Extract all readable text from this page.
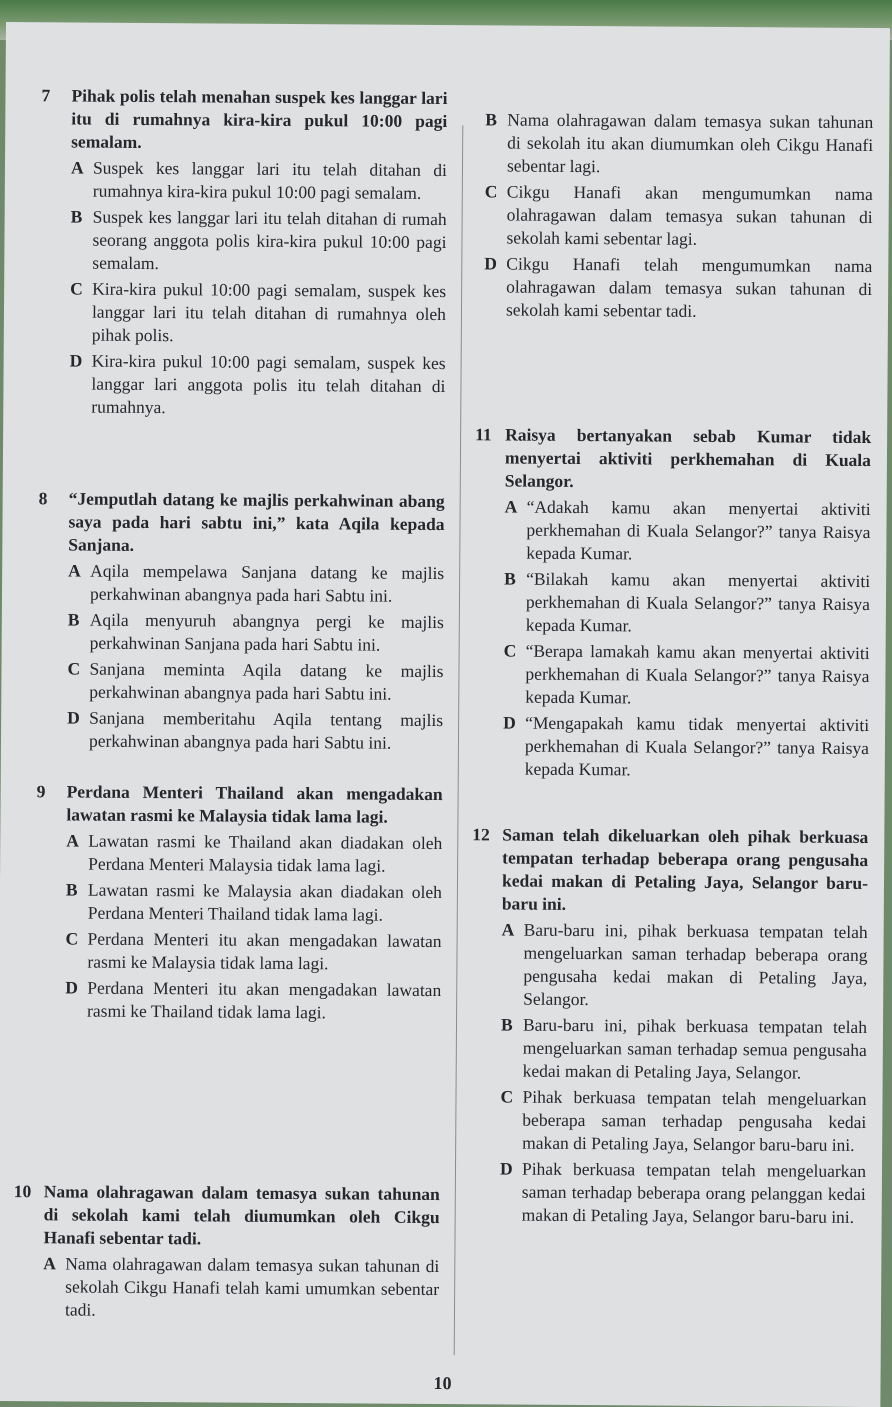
7 Pihak polis telah menahan suspek kes langgar lari itu di rumahnya kira-kira pukul 10:00 pagi semalam.
A Suspek kes langgar lari itu telah ditahan di rumahnya kira-kira pukul 10:00 pagi semalam.
B Suspek kes langgar lari itu telah ditahan di rumah seorang anggota polis kira-kira pukul 10:00 pagi semalam.
C Kira-kira pukul 10:00 pagi semalam, suspek kes langgar lari itu telah ditahan di rumahnya oleh pihak polis.
D Kira-kira pukul 10:00 pagi semalam, suspek kes langgar lari anggota polis itu telah ditahan di rumahnya.
8 “Jemputlah datang ke majlis perkahwinan abang saya pada hari sabtu ini,” kata Aqila kepada Sanjana.
A Aqila mempelawa Sanjana datang ke majlis perkahwinan abangnya pada hari Sabtu ini.
B Aqila menyuruh abangnya pergi ke majlis perkahwinan Sanjana pada hari Sabtu ini.
C Sanjana meminta Aqila datang ke majlis perkahwinan abangnya pada hari Sabtu ini.
D Sanjana memberitahu Aqila tentang majlis perkahwinan abangnya pada hari Sabtu ini.
9 Perdana Menteri Thailand akan mengadakan lawatan rasmi ke Malaysia tidak lama lagi.
A Lawatan rasmi ke Thailand akan diadakan oleh Perdana Menteri Malaysia tidak lama lagi.
B Lawatan rasmi ke Malaysia akan diadakan oleh Perdana Menteri Thailand tidak lama lagi.
C Perdana Menteri itu akan mengadakan lawatan rasmi ke Malaysia tidak lama lagi.
D Perdana Menteri itu akan mengadakan lawatan rasmi ke Thailand tidak lama lagi.
10 Nama olahragawan dalam temasya sukan tahunan di sekolah kami telah diumumkan oleh Cikgu Hanafi sebentar tadi.
A Nama olahragawan dalam temasya sukan tahunan di sekolah Cikgu Hanafi telah kami umumkan sebentar tadi.
B Nama olahragawan dalam temasya sukan tahunan di sekolah itu akan diumumkan oleh Cikgu Hanafi sebentar lagi.
C Cikgu Hanafi akan mengumumkan nama olahragawan dalam temasya sukan tahunan di sekolah kami sebentar lagi.
D Cikgu Hanafi telah mengumumkan nama olahragawan dalam temasya sukan tahunan di sekolah kami sebentar tadi.
11 Raisya bertanyakan sebab Kumar tidak menyertai aktiviti perkhemahan di Kuala Selangor.
A “Adakah kamu akan menyertai aktiviti perkhemahan di Kuala Selangor?” tanya Raisya kepada Kumar.
B “Bilakah kamu akan menyertai aktiviti perkhemahan di Kuala Selangor?” tanya Raisya kepada Kumar.
C “Berapa lamakah kamu akan menyertai aktiviti perkhemahan di Kuala Selangor?” tanya Raisya kepada Kumar.
D “Mengapakah kamu tidak menyertai aktiviti perkhemahan di Kuala Selangor?” tanya Raisya kepada Kumar.
12 Saman telah dikeluarkan oleh pihak berkuasa tempatan terhadap beberapa orang pengusaha kedai makan di Petaling Jaya, Selangor baru-baru ini.
A Baru-baru ini, pihak berkuasa tempatan telah mengeluarkan saman terhadap beberapa orang pengusaha kedai makan di Petaling Jaya, Selangor.
B Baru-baru ini, pihak berkuasa tempatan telah mengeluarkan saman terhadap semua pengusaha kedai makan di Petaling Jaya, Selangor.
C Pihak berkuasa tempatan telah mengeluarkan beberapa saman terhadap pengusaha kedai makan di Petaling Jaya, Selangor baru-baru ini.
D Pihak berkuasa tempatan telah mengeluarkan saman terhadap beberapa orang pelanggan kedai makan di Petaling Jaya, Selangor baru-baru ini.
10
